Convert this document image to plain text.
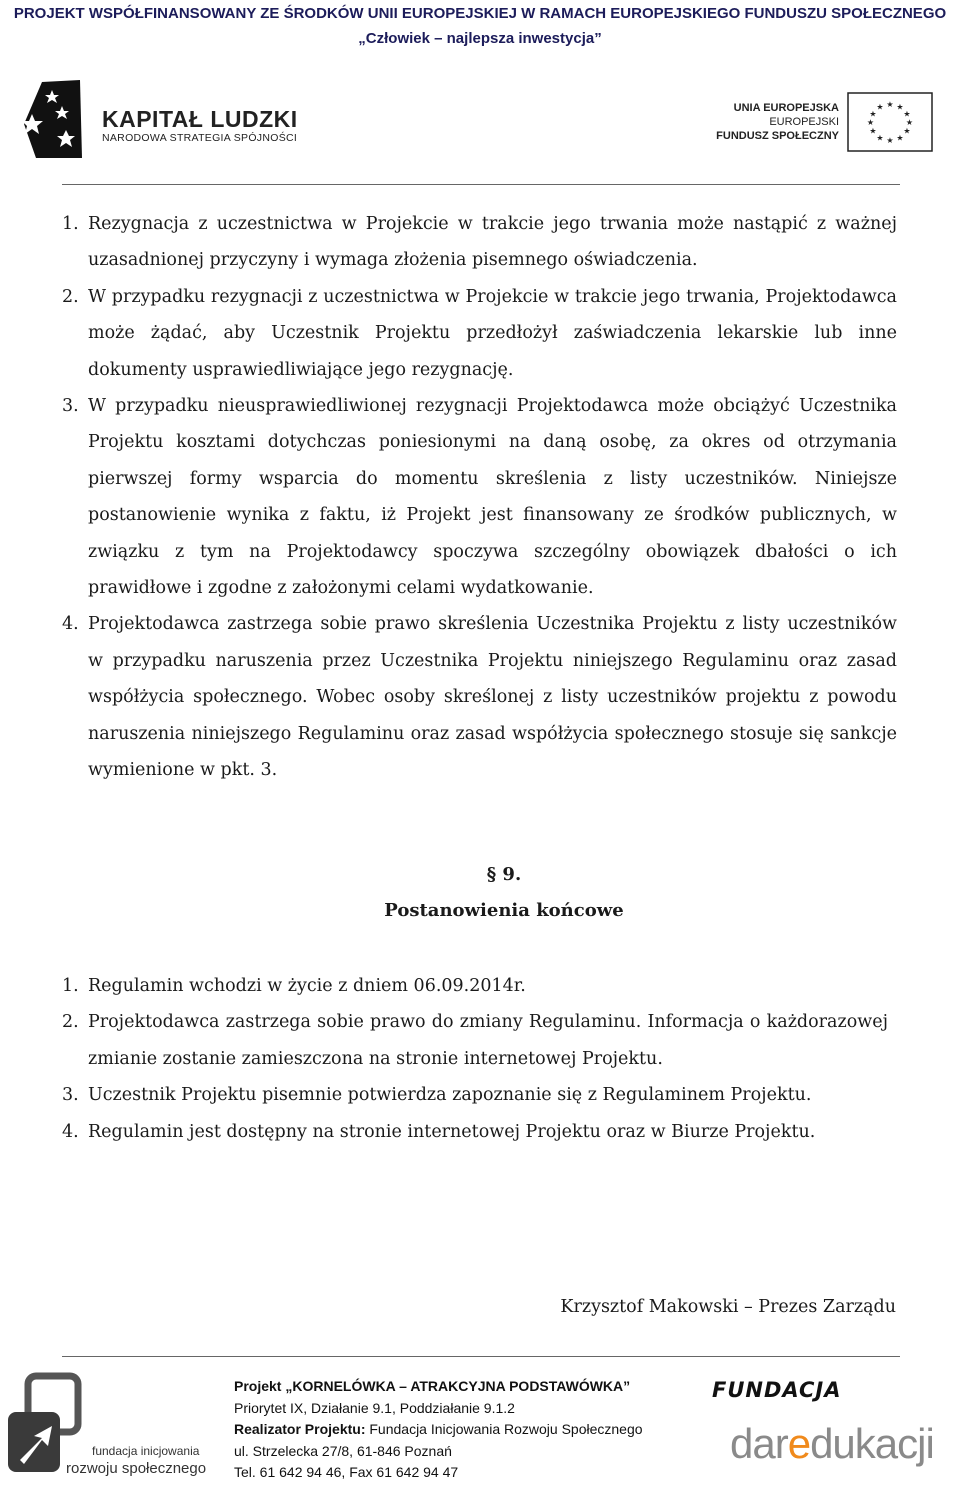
PROJEKT WSPÓŁFINANSOWANY ZE ŚRODKÓW UNII EUROPEJSKIEJ W RAMACH EUROPEJSKIEGO FUNDUSZU SPOŁECZNEGO
„Człowiek – najlepsza inwestycja”
KAPITAŁ LUDZKI
NARODOWA STRATEGIA SPÓJNOŚCI
UNIA EUROPEJSKA
EUROPEJSKI
FUNDUSZ SPOŁECZNY
★ ★
★
★
★
★
★
★
★
★
★
★
1. Rezygnacja z uczestnictwa w Projekcie w trakcie jego trwania może nastąpić z ważnej uzasadnionej przyczyny i wymaga złożenia pisemnego oświadczenia.
2. W przypadku rezygnacji z uczestnictwa w Projekcie w trakcie jego trwania, Projektodawca może żądać, aby Uczestnik Projektu przedłożył zaświadczenia lekarskie lub inne dokumenty usprawiedliwiające jego rezygnację.
3. W przypadku nieusprawiedliwionej rezygnacji Projektodawca może obciążyć Uczestnika Projektu kosztami dotychczas poniesionymi na daną osobę, za okres od otrzymania pierwszej formy wsparcia do momentu skreślenia z listy uczestników. Niniejsze postanowienie wynika z faktu, iż Projekt jest finansowany ze środków publicznych, w związku z tym na Projektodawcy spoczywa szczególny obowiązek dbałości o ich prawidłowe i zgodne z założonymi celami wydatkowanie.
4. Projektodawca zastrzega sobie prawo skreślenia Uczestnika Projektu z listy uczestników w przypadku naruszenia przez Uczestnika Projektu niniejszego Regulaminu oraz zasad współżycia społecznego. Wobec osoby skreślonej z listy uczestników projektu z powodu naruszenia niniejszego Regulaminu oraz zasad współżycia społecznego stosuje się sankcje wymienione w pkt. 3.
§ 9.
Postanowienia końcowe
1. Regulamin wchodzi w życie z dniem 06.09.2014r.
2. Projektodawca zastrzega sobie prawo do zmiany Regulaminu. Informacja o każdorazowej zmianie zostanie zamieszczona na stronie internetowej Projektu.
3. Uczestnik Projektu pisemnie potwierdza zapoznanie się z Regulaminem Projektu.
4. Regulamin jest dostępny na stronie internetowej Projektu oraz w Biurze Projektu.
Krzysztof Makowski – Prezes Zarządu
fundacja inicjowania
rozwoju społecznego
Projekt „KORNELÓWKA – ATRAKCYJNA PODSTAWÓWKA”
Priorytet IX, Działanie 9.1, Poddziałanie 9.1.2
Realizator Projektu: Fundacja Inicjowania Rozwoju Społecznego
ul. Strzelecka 27/8, 61-846 Poznań
Tel. 61 642 94 46, Fax 61 642 94 47
FUNDACJA
daredukacji
